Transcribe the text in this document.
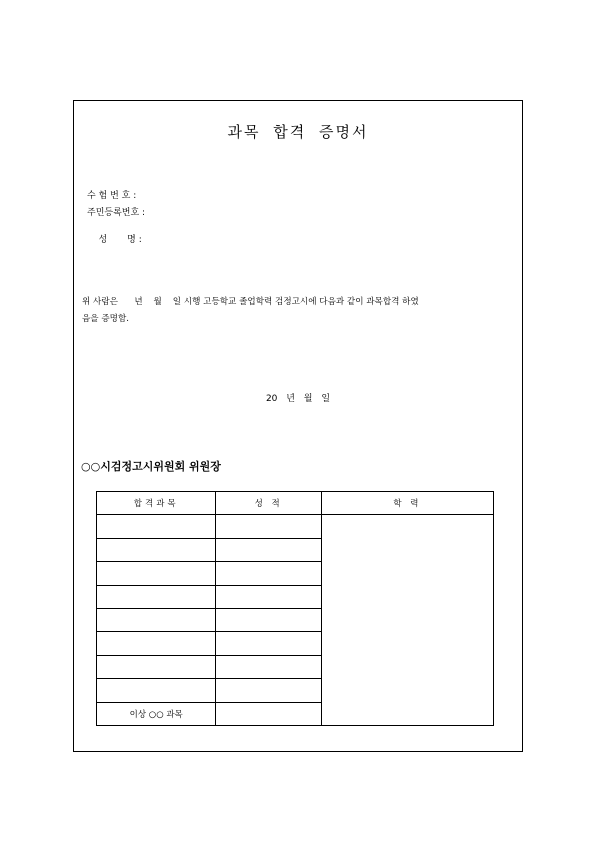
과목 합격 증명서
수 험 번 호 :
주민등록번호 :

성       명 :

위 사람은      년    월    일 시행 고등학교 졸업학력 검정고시에 다음과 같이 과목합격 하였
음을 증명함.
20 년 월 일
○○시검정고시위원회 위원장
합격과목	성 적	학 력

이상 ○○ 과목		
